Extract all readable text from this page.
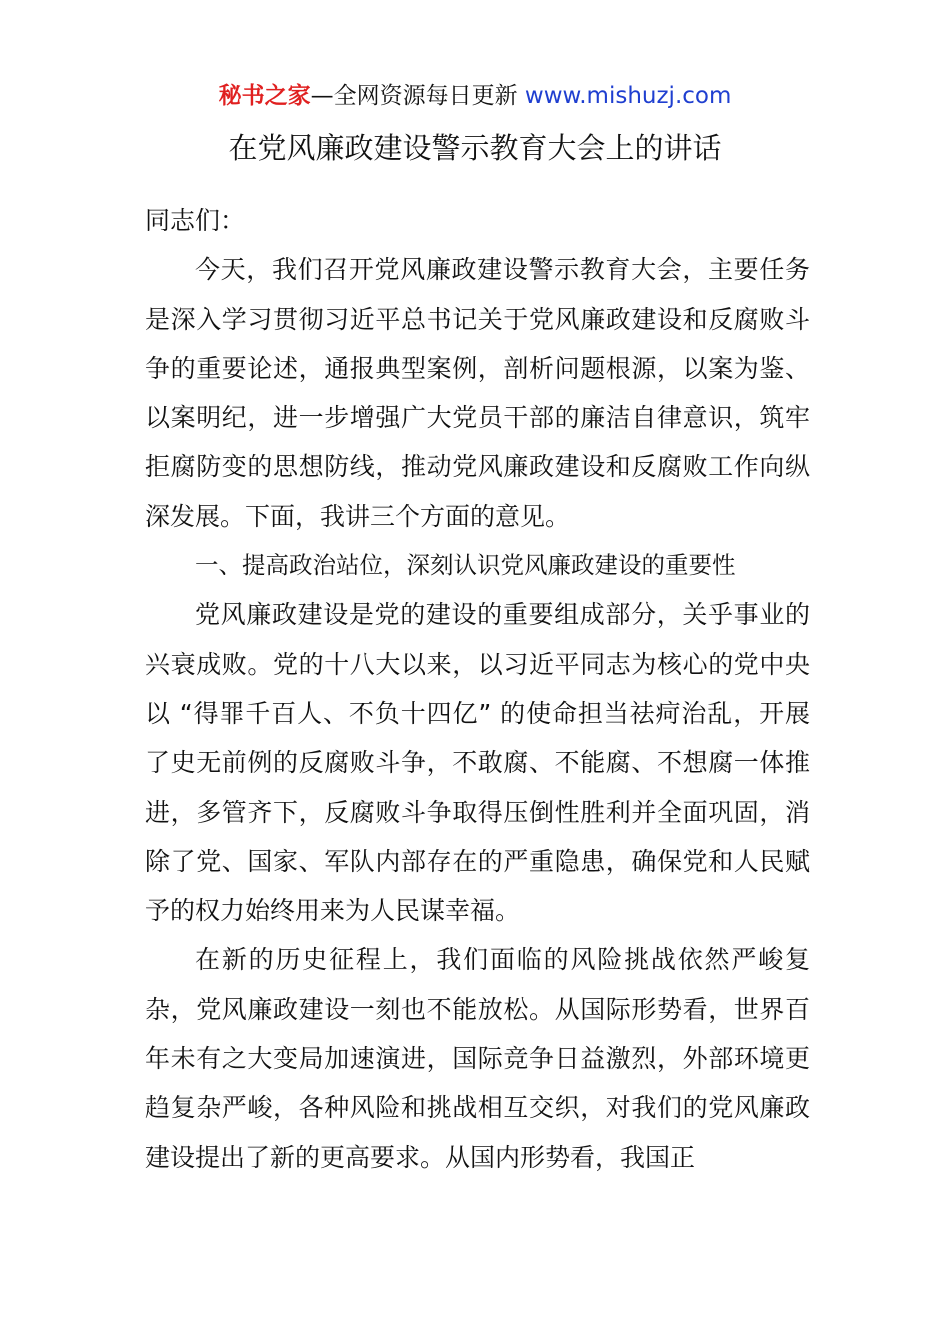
秘书之家—全网资源每日更新 www.mishuzj.com
在党风廉政建设警示教育大会上的讲话

同志们：

今天，我们召开党风廉政建设警示教育大会，主要任务是深入学习贯彻习近平总书记关于党风廉政建设和反腐败斗争的重要论述，通报典型案例，剖析问题根源，以案为鉴、以案明纪，进一步增强广大党员干部的廉洁自律意识，筑牢拒腐防变的思想防线，推动党风廉政建设和反腐败工作向纵深发展。下面，我讲三个方面的意见。

一、提高政治站位，深刻认识党风廉政建设的重要性

党风廉政建设是党的建设的重要组成部分，关乎事业的兴衰成败。党的十八大以来，以习近平同志为核心的党中央以 “得罪千百人、不负十四亿” 的使命担当祛疴治乱，开展了史无前例的反腐败斗争，不敢腐、不能腐、不想腐一体推进，多管齐下，反腐败斗争取得压倒性胜利并全面巩固，消除了党、国家、军队内部存在的严重隐患，确保党和人民赋予的权力始终用来为人民谋幸福。

在新的历史征程上，我们面临的风险挑战依然严峻复杂，党风廉政建设一刻也不能放松。从国际形势看，世界百年未有之大变局加速演进，国际竞争日益激烈，外部环境更趋复杂严峻，各种风险和挑战相互交织，对我们的党风廉政建设提出了新的更高要求。从国内形势看，我国正
